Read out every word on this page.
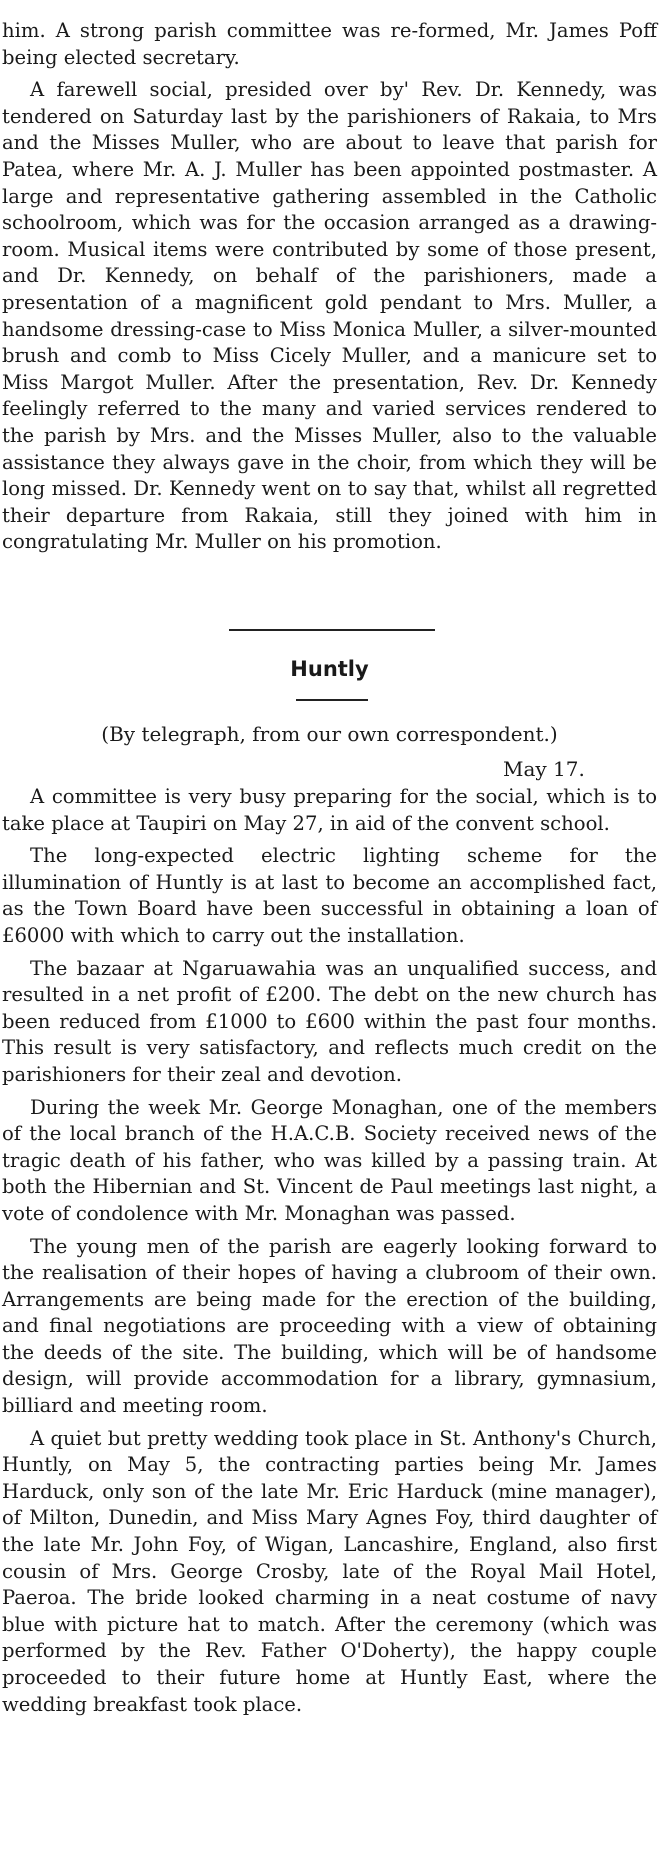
him. A strong parish committee was re-formed, Mr. James Poff being elected secretary.

A farewell social, presided over by' Rev. Dr. Kennedy, was tendered on Saturday last by the parishioners of Rakaia, to Mrs and the Misses Muller, who are about to leave that parish for Patea, where Mr. A. J. Muller has been appointed postmaster. A large and representative gathering assembled in the Catholic schoolroom, which was for the occasion arranged as a drawing-room. Musical items were contributed by some of those present, and Dr. Kennedy, on behalf of the parishioners, made a presentation of a magnificent gold pendant to Mrs. Muller, a handsome dressing-case to Miss Monica Muller, a silver-mounted brush and comb to Miss Cicely Muller, and a manicure set to Miss Margot Muller. After the presentation, Rev. Dr. Kennedy feelingly referred to the many and varied services rendered to the parish by Mrs. and the Misses Muller, also to the valuable assistance they always gave in the choir, from which they will be long missed. Dr. Kennedy went on to say that, whilst all regretted their departure from Rakaia, still they joined with him in congratulating Mr. Muller on his promotion.

Huntly
(By telegraph, from our own correspondent.)
May 17.

A committee is very busy preparing for the social, which is to take place at Taupiri on May 27, in aid of the convent school.

The long-expected electric lighting scheme for the illumination of Huntly is at last to become an accomplished fact, as the Town Board have been successful in obtaining a loan of £6000 with which to carry out the installation.

The bazaar at Ngaruawahia was an unqualified success, and resulted in a net profit of £200. The debt on the new church has been reduced from £1000 to £600 within the past four months. This result is very satisfactory, and reflects much credit on the parishioners for their zeal and devotion.

During the week Mr. George Monaghan, one of the members of the local branch of the H.A.C.B. Society received news of the tragic death of his father, who was killed by a passing train. At both the Hibernian and St. Vincent de Paul meetings last night, a vote of condolence with Mr. Monaghan was passed.

The young men of the parish are eagerly looking forward to the realisation of their hopes of having a clubroom of their own. Arrangements are being made for the erection of the building, and final negotiations are proceeding with a view of obtaining the deeds of the site. The building, which will be of handsome design, will provide accommodation for a library, gymnasium, billiard and meeting room.

A quiet but pretty wedding took place in St. Anthony's Church, Huntly, on May 5, the contracting parties being Mr. James Harduck, only son of the late Mr. Eric Harduck (mine manager), of Milton, Dunedin, and Miss Mary Agnes Foy, third daughter of the late Mr. John Foy, of Wigan, Lancashire, England, also first cousin of Mrs. George Crosby, late of the Royal Mail Hotel, Paeroa. The bride looked charming in a neat costume of navy blue with picture hat to match. After the ceremony (which was performed by the Rev. Father O'Doherty), the happy couple proceeded to their future home at Huntly East, where the wedding breakfast took place.
